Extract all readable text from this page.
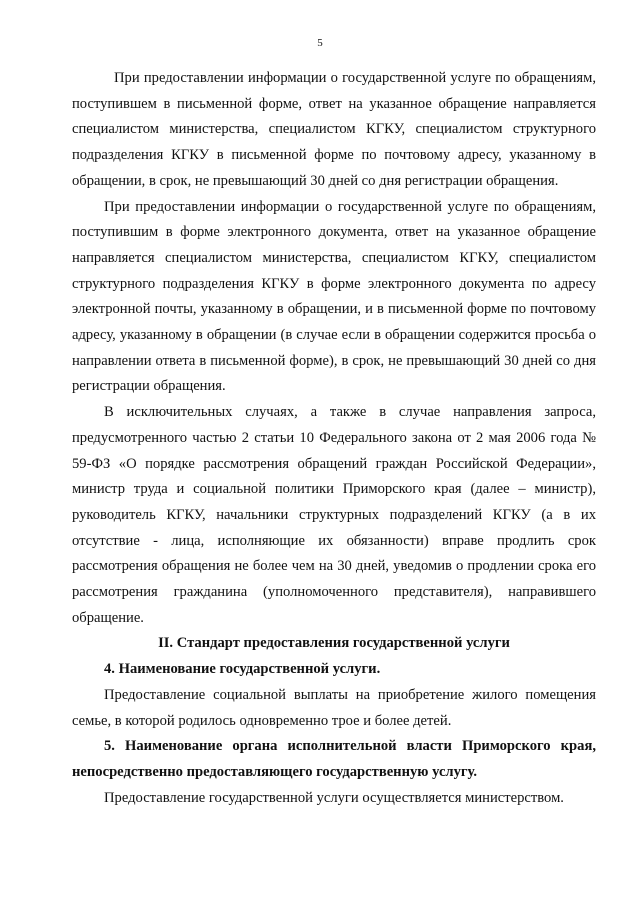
5

При предоставлении информации о государственной услуге по обращениям, поступившем в письменной форме, ответ на указанное обращение направляется специалистом министерства, специалистом КГКУ, специалистом структурного подразделения КГКУ в письменной форме по почтовому адресу, указанному в обращении, в срок, не превышающий 30 дней со дня регистрации обращения.

При предоставлении информации о государственной услуге по обращениям, поступившим в форме электронного документа, ответ на указанное обращение направляется специалистом министерства, специалистом КГКУ, специалистом структурного подразделения КГКУ в форме электронного документа по адресу электронной почты, указанному в обращении, и в письменной форме по почтовому адресу, указанному в обращении (в случае если в обращении содержится просьба о направлении ответа в письменной форме), в срок, не превышающий 30 дней со дня регистрации обращения.

В исключительных случаях, а также в случае направления запроса, предусмотренного частью 2 статьи 10 Федерального закона от 2 мая 2006 года № 59-ФЗ «О порядке рассмотрения обращений граждан Российской Федерации», министр труда и социальной политики Приморского края (далее – министр), руководитель КГКУ, начальники структурных подразделений КГКУ (а в их отсутствие - лица, исполняющие их обязанности) вправе продлить срок рассмотрения обращения не более чем на 30 дней, уведомив о продлении срока его рассмотрения гражданина (уполномоченного представителя), направившего обращение.

II. Стандарт предоставления государственной услуги

4. Наименование государственной услуги.

Предоставление социальной выплаты на приобретение жилого помещения семье, в которой родилось одновременно трое и более детей.

5. Наименование органа исполнительной власти Приморского края, непосредственно предоставляющего государственную услугу.

Предоставление государственной услуги осуществляется министерством.
